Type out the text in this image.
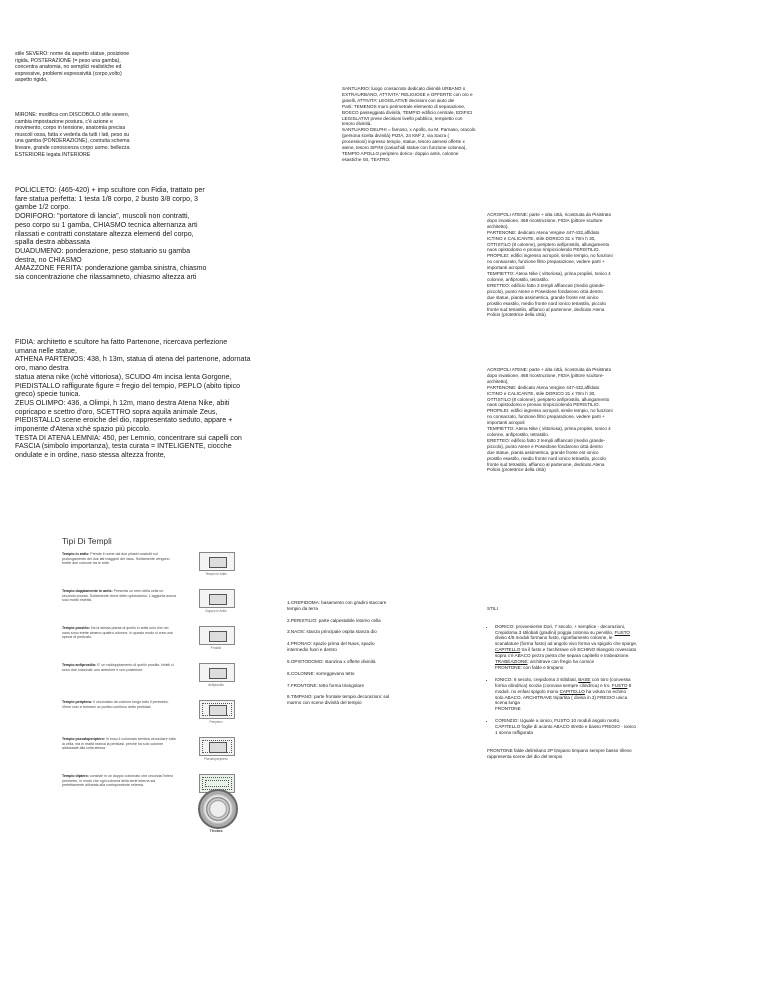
stile SEVERO: nome da aspetto statue, posizione
rigida, POSTERAZIONE (= peso una gamba),
concentra anatomia, no semplici realistiche ed
espressive, problemi espressività (corpo,volto)
aspetto rigido,
MIRONE: modifica con DISCOBOLO stile severo,
cambia impostazione postura, c'è azione e
movimento, corpo in tensione, anatomia precisa
muscoli ossa, fatta x vederla da tutti i lati, peso su
una gamba (PONDERAZIONE), costruita schema
lineare, grande conoscenza corpo uomo. bellezza
ESTERIORE legata INTERIORE
POLICLETO: (465-420) + imp scultore con Fidia, trattato per
fare statua perfetta: 1 testa 1/8 corpo, 2 busto 3/8 corpo, 3
gambe 1/2 corpo.
DORIFORO: "portatore di lancia", muscoli non contratti,
peso corpo su 1 gamba, CHIASMO tecnica alternanza arti
rilassati e contratti constatare altezza elementi del corpo,
spalla destra abbassata
DUADUMENO: ponderazione, peso statuario su gamba
destra, no CHIASMO
AMAZZONE FERITA: ponderazione gamba sinistra, chiasmo
sia concentrazione che rilassamneto, chiasmo altezza arti
FIDIA: architetto e scultore ha fatto Partenone, ricercava perfezione
umana nelle statue,
ATHENA PARTENOS: 438, h 13m, statua di atena del partenone, adornata
oro, mano destra
statua atena nike (xchè vittoriosa), SCUDO 4m incisa lenta Gorgone,
PIEDISTALLO raffigurate figure = fregio del tempio, PEPLO (abito tipico
greco) specie tunica.
ZEUS OLIMPO: 436, a Olimpi, h 12m, mano destra Atena Nike, abiti
copricapo e scettro d'oro, SCETTRO sopra aquila animale Zeus,
PIEDISTALLO scene eroiche del dio, rappresentato seduto, appare +
imponente d'Atena xchè spazio più piccolo.
TESTA DI ATENA LEMNIA: 450, per Lemnio, concentrare sui capelli con
FASCIA (simbolo importanza), testa curata = INTELIGENTE, ciocche
ondulate e in ordine, naso stessa altezza fronte,
SANTUARIO: luogo consacrato dedicato divinità URBANO o
EXTRAURBANO, ATTIVITA' RELIGIOSE e OFFERTE con oro e
gioielli, ATTIVITA' LEGISLATIVE decisioni con aiuto dei
Parti: TEMENOS muro perimetrale elemento di separazione,
BOSCO passeggiata divinità, TEMPIO edificio centrale, EDIFICI
LEGISLATIVI prese decisioni livello pubblico, tempietto con
tesoro divinità.
SANTUARIO DELPHI = famoso, x Apollo, su M. Parnaso, oracolo
(persona scelta divinità) PIZIA, 24 KM² 2, via Sacra (
processioni) ingresso tempio, statue, tesoro atenesi offerte x
atene, tesoro SIFINI (cariachidi statue con funzione colonna),
TEMPIO APOLLO periptero dorico- doppio antis, colonne
esastiche ISI, TEATRO.
ACROPOLI ATENE: parte + alta città, ricostruita da Pisistrato
dopo invasione, 468 ricostruzione, FIDIA (pittore scultore
architetto),
PARTENONE: dedicato Atena Vergine 447-432,affidato
ICTINO e CALICANTE, stile DORICO 31 x 70m h 30,
OTTISTILO (8 colonne), periptero anfiprostilo, allungamento
naos opistodomo e pronao rimpicciolendo PERISTILIO.
PROPILEI: edifici ingresso acropoli, simile tempio, no funzioni
no consacrato, funzione filtro preparazione, vedere parti +
importanti acropoli
TEMPIETTO: Atena Nike ( vittoriosa), prima propilei, Ionico 4
colonne, anfiprostilo, tetrastilo.
ERETTEO: edificio fatto 3 templi affiancati (medio grande-
piccolo), punto Atene e Poseidone fondarono città dentro
due statue, pianta assimetrica, grande fronte est ionico
prostilo esastilo, medio fronte nord ionico tetrastilo, piccolo
fronte sud tetrastilo, affianco al partenone, dedicato Atena
Policis (protettrice della città)
ACROPOLI ATENE: parte + alta città, ricostruita da Pisistrato
dopo invasione, 468 ricostruzione, FIDIA (pittore scultore-
architetto),
PARTENONE: dedicato Atena Vergine 447-432,affidato
ICTINO e CALICANTE, stile DORICO 31 x 70m h 30,
OTTISTILO (8 colonne), periptero anfiprostilo, allungamento
naos opistodomo e pronao rimpicciolendo PERISTILIO.
PROPILEI: edifici ingresso acropoli, simile tempio, no funzioni
no consacrato, funzione filtro preparazione, vedere parti +
importanti acropoli
TEMPIETTO: Atena Nike ( vittoriosa), prima propilei, Ionico 4
colonne, anfiprostilo, tetrastilo.
ERETTEO: edificio fatto 3 templi affiancati (medio grande-
piccolo), punto Atene e Poseidone fondarono città dentro
due statue, pianta assimetrica, grande fronte est ionico
prostilo esastilo, medio fronte nord ionico tetrastilo, piccolo
fronte sud tetrastilo, affianco al partenone, dedicato Atena
Policis (protettrice della città)
Tipi Di Templi
Tempio in antis: Prende il nome dai due pilastri costruiti sul prolungamento dei due lati maggiori del naos. Solitamente vengono erette due colonne tra le ante.
Tempio in Antis
Tempio doppiamente in antis: Presenta un retro della cella un secondo pronao. Solitamente viene detto opistodomo. L'aggiunta aveva solo motivi estetici.
Doppio in Antis
Tempio prostilo: Ha la stessa pianta di quello in antis solo che nel naos sono erette almeno quattro colonne. In questo modo si crea una specie di porticato.
Prostilo
Tempio anfiprostilo: E' un raddoppiamento di quello prostilo. Infatti ci sono due colonnati: uno anteriore e uno posteriore.
Anfiprostilo
Tempio periptero: Il circondato da colonne lungo tutto il perimetro. Viene così a formarsi un portico continuo detto peristasi.
Periptero
Tempio pseudoperiptero: In esso il colonnato sembra circondare tutta la cella, ma in realtà manca la peristasi, perché ha solo colonne addossate alla cella stessa.
Pseudoperiptero
Tempio diptero: consiste in un doppio colonnato che circonda l'intero perimetro, in modo che ogni colonna della serie interna sia perfettamente allineata alla corrispondente esterna.
Tholos

1.CREPIDOMA: basamento con gradini staccare
tempio da terra

2.PERISTILIO: parte calpestabile intorno cella

3.NAOS: stanza principale ospita stanza dio

4.PRONAO: spazio prima del Naos, spazio
intermedio fuori e dentro

5.OPISTODOMO: stanzina x offerte divinità

6.COLONNE: sorreggevano tetto

7.FRONTONE: tetto forma triangolare

8.TIMPANO: parte frontale tempio decorazioni: sul
marmo con scene divinità del tempio

STILI

• DORICO: provveniente Dori, 7 secolo, + semplice - decorazioni,
Crepidoma 3 stilobati (gradini) poggia colonna su pervitilo, FUSTO
diviso 4/5 moduli formano fusto, rigonfiamento colonne, le
scanalature (forma fusto) ad angolo vivo forma va spigolo che sporge,
CAPITELLO tra il fusto e l'architrave c/è ECHINO triangolo rovesciato
sopra c'è ABACO pezzo pietra che separa capitello e trabeazione.
TRABEAZIONE: architrave con fregio ha cornice
FRONTONE: con falde e timpano

• IONICO: 6 secolo, crepidoma 3 stilobati, BASE con toro (convessa
forma cilindrica) scozia (concava sempre cilindrica) e tro. FUSTO 8
moduli. no enfasi spigolo mono CAPITELLO ha voluta no echino
solo ABACO, ARCHITRAVE tripartita ( divisa in 3) FREGIO unica
scena lunga
FRONTONE

• CORINZIO: Uguale a ionico, FUSTO 10 moduli angolo morto,
CAPITELLO foglie di acanto ABACO stretto e basso FREGIO - ionico
1 scena raffigurata

FRONTONE falde delimitano 2P timpano timpano sempre basso rilievo
rappresenta scene del dio del tempio
